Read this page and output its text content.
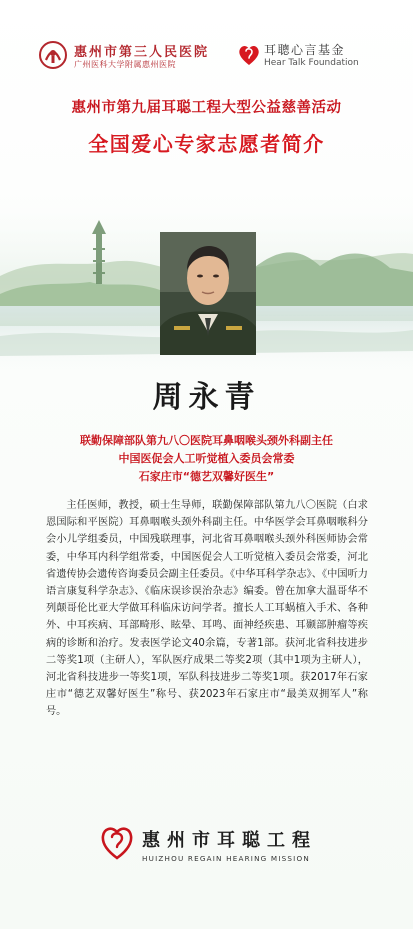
惠州市第三人民医院
广州医科大学附属惠州医院
耳聰心言基金
Hear Talk Foundation
惠州市第九届耳聪工程大型公益慈善活动
全国爱心专家志愿者简介
周永青
联勤保障部队第九八〇医院耳鼻咽喉头颈外科副主任
中国医促会人工听觉植入委员会常委
石家庄市“德艺双馨好医生”
主任医师，教授，硕士生导师，联勤保障部队第九八〇医院（白求恩国际和平医院）耳鼻咽喉头颈外科副主任。中华医学会耳鼻咽喉科分会小儿学组委员，中国残联理事，河北省耳鼻咽喉头颈外科医师协会常委，中华耳内科学组常委，中国医促会人工听觉植入委员会常委，河北省遗传协会遗传咨询委员会副主任委员。《中华耳科学杂志》、《中国听力语言康复科学杂志》、《临床误诊误治杂志》编委。曾在加拿大温哥华不列颠哥伦比亚大学做耳科临床访问学者。擅长人工耳蜗植入手术、各种外、中耳疾病、耳部畸形、眩晕、耳鸣、面神经疾患、耳颞部肿瘤等疾病的诊断和治疗。发表医学论文40余篇，专著1部。获河北省科技进步二等奖1项（主研人），军队医疗成果二等奖2项（其中1项为主研人），河北省科技进步一等奖1项，军队科技进步二等奖1项。获2017年石家庄市“德艺双馨好医生”称号、获2023年石家庄市“最美双拥军人”称号。
惠州市耳聪工程
HUIZHOU REGAIN HEARING MISSION
